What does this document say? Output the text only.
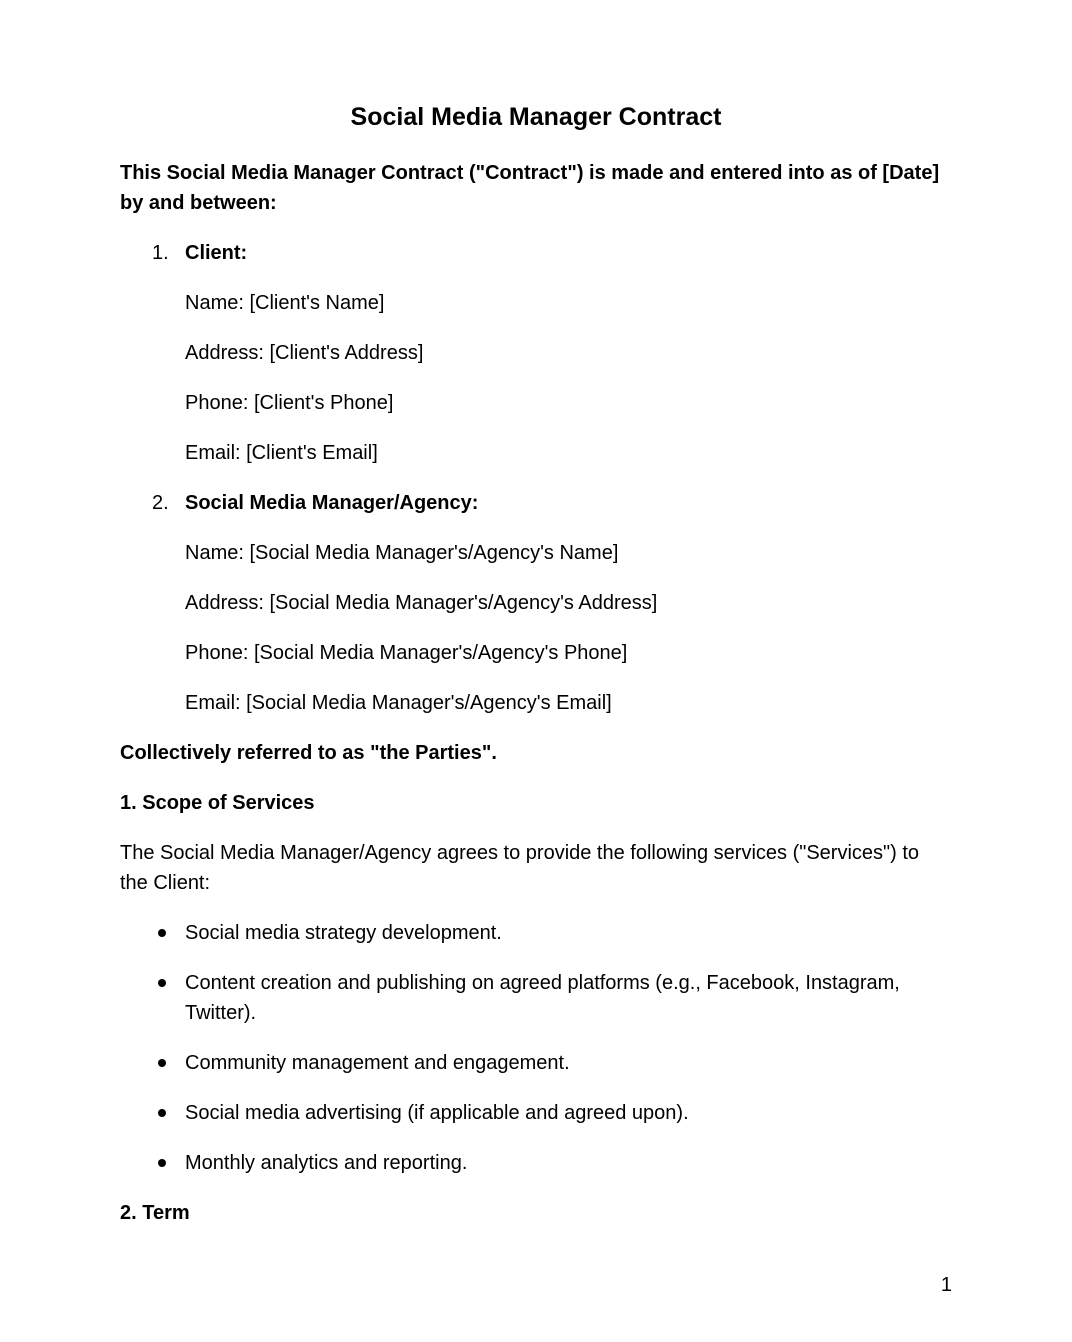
Social Media Manager Contract

This Social Media Manager Contract ("Contract") is made and entered into as of [Date] by and between:

1. Client:

Name: [Client's Name]

Address: [Client's Address]

Phone: [Client's Phone]

Email: [Client's Email]

2. Social Media Manager/Agency:

Name: [Social Media Manager's/Agency's Name]

Address: [Social Media Manager's/Agency's Address]

Phone: [Social Media Manager's/Agency's Phone]

Email: [Social Media Manager's/Agency's Email]

Collectively referred to as "the Parties".

1. Scope of Services

The Social Media Manager/Agency agrees to provide the following services ("Services") to the Client:

Social media strategy development.
Content creation and publishing on agreed platforms (e.g., Facebook, Instagram, Twitter).
Community management and engagement.
Social media advertising (if applicable and agreed upon).
Monthly analytics and reporting.

2. Term

1
